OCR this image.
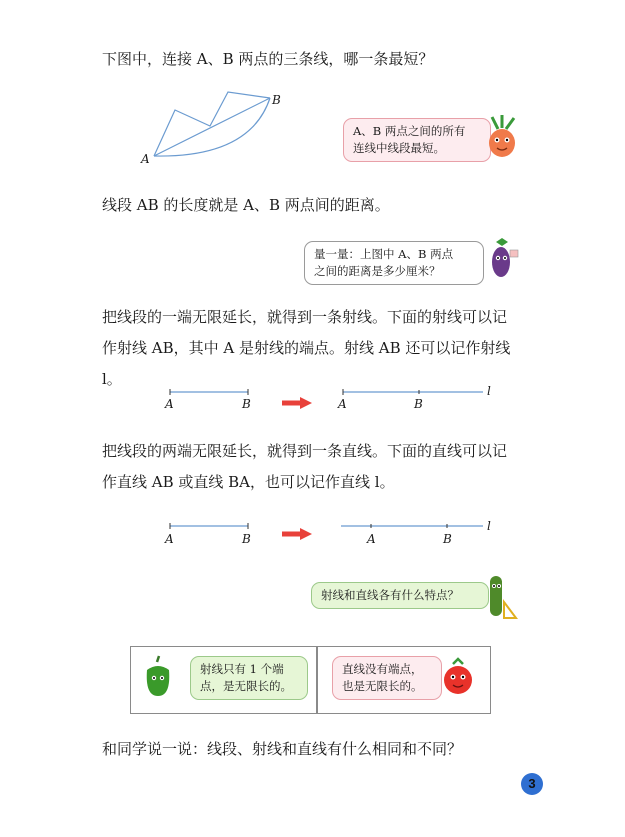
下图中，连接 A、B 两点的三条线，哪一条最短？

A
B
A、B 两点之间的所有
连线中线段最短。

线段 AB 的长度就是 A、B 两点间的距离。

量一量：上图中 A、B 两点
之间的距离是多少厘米？

把线段的一端无限延长，就得到一条射线。下面的射线可以记

作射线 AB，其中 A 是射线的端点。射线 AB 还可以记作射线 l。

A	B	A	B
l

把线段的两端无限延长，就得到一条直线。下面的直线可以记

作直线 AB 或直线 BA，也可以记作直线 l。

A	B	A	B
l
射线和直线各有什么特点？
射线只有 1 个端
点，是无限长的。
直线没有端点，
也是无限长的。

和同学说一说：线段、射线和直线有什么相同和不同？

3
